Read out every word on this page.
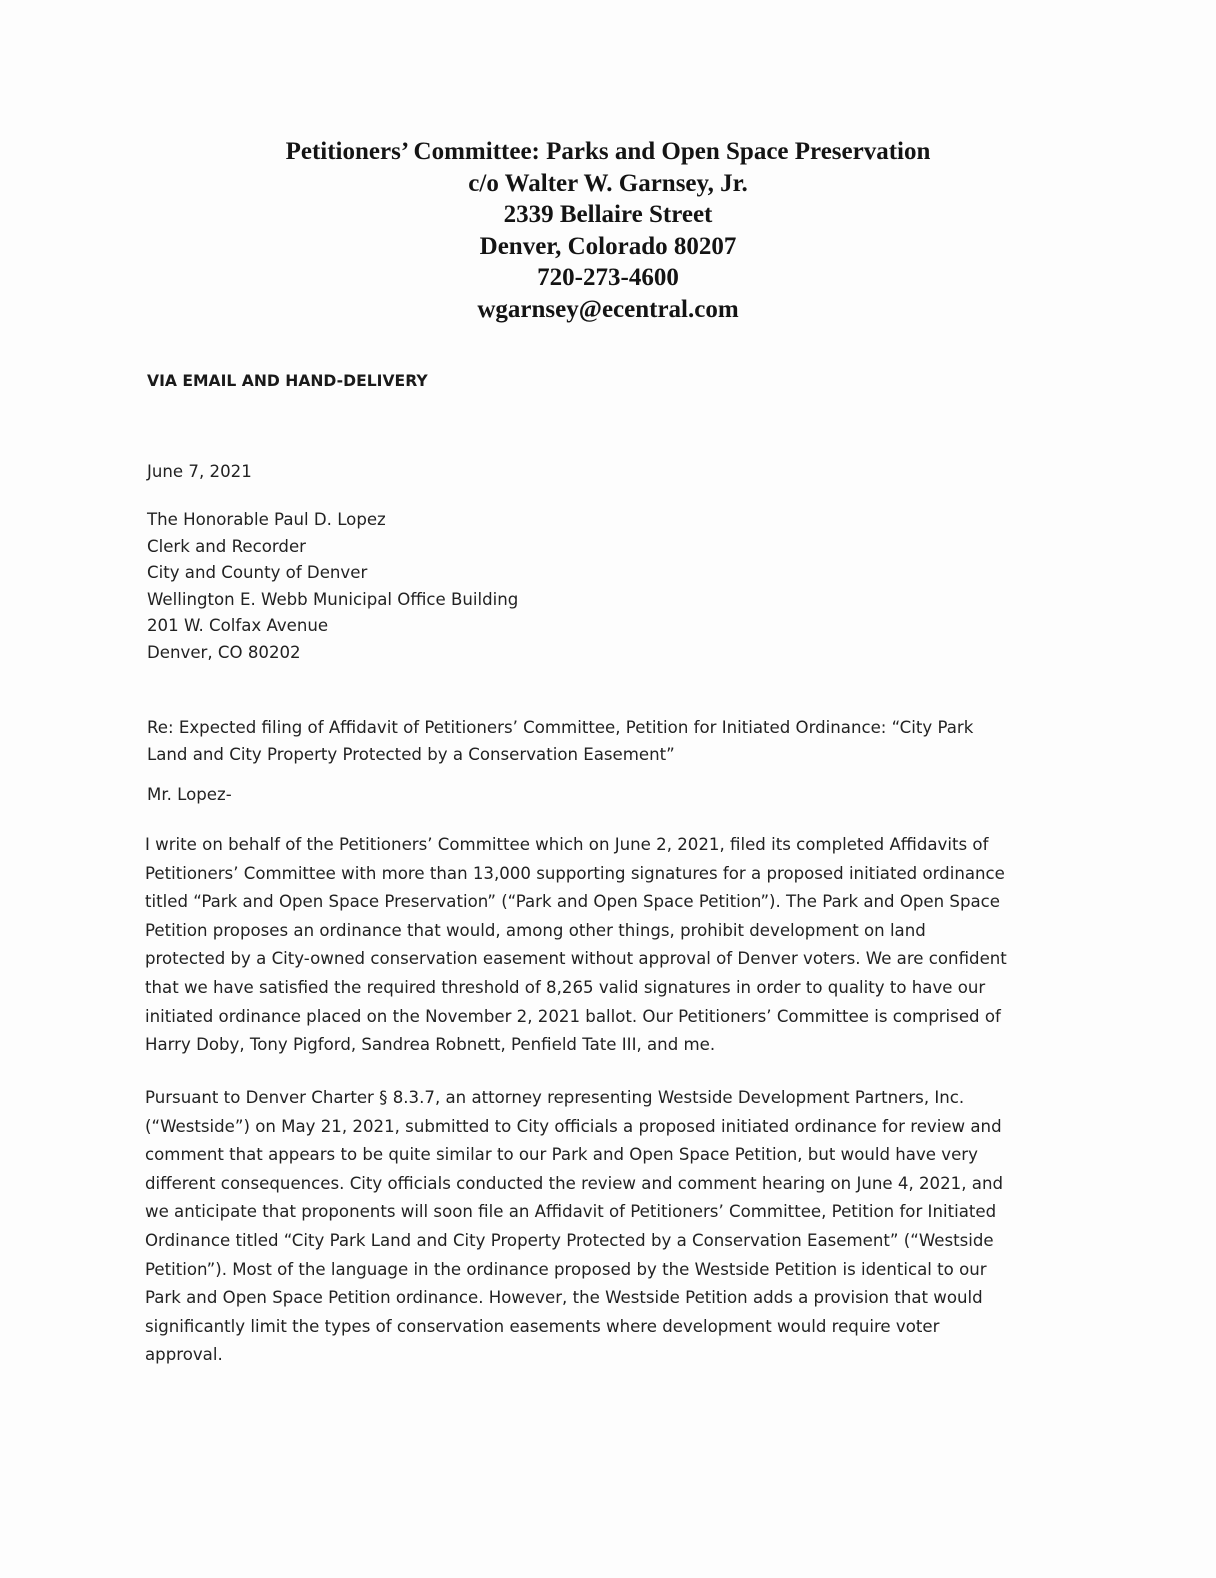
Petitioners’ Committee: Parks and Open Space Preservation
c/o Walter W. Garnsey, Jr.
2339 Bellaire Street
Denver, Colorado 80207
720-273-4600
wgarnsey@ecentral.com
VIA EMAIL AND HAND-DELIVERY
June 7, 2021
The Honorable Paul D. Lopez
Clerk and Recorder
City and County of Denver
Wellington E. Webb Municipal Office Building
201 W. Colfax Avenue
Denver, CO 80202
Re: Expected filing of Affidavit of Petitioners’ Committee, Petition for Initiated Ordinance: “City Park
Land and City Property Protected by a Conservation Easement”
Mr. Lopez-
I write on behalf of the Petitioners’ Committee which on June 2, 2021, filed its completed Affidavits of
Petitioners’ Committee with more than 13,000 supporting signatures for a proposed initiated ordinance
titled “Park and Open Space Preservation” (“Park and Open Space Petition”). The Park and Open Space
Petition proposes an ordinance that would, among other things, prohibit development on land
protected by a City-owned conservation easement without approval of Denver voters. We are confident
that we have satisfied the required threshold of 8,265 valid signatures in order to quality to have our
initiated ordinance placed on the November 2, 2021 ballot. Our Petitioners’ Committee is comprised of
Harry Doby, Tony Pigford, Sandrea Robnett, Penfield Tate III, and me.
Pursuant to Denver Charter § 8.3.7, an attorney representing Westside Development Partners, Inc.
(“Westside”) on May 21, 2021, submitted to City officials a proposed initiated ordinance for review and
comment that appears to be quite similar to our Park and Open Space Petition, but would have very
different consequences. City officials conducted the review and comment hearing on June 4, 2021, and
we anticipate that proponents will soon file an Affidavit of Petitioners’ Committee, Petition for Initiated
Ordinance titled “City Park Land and City Property Protected by a Conservation Easement” (“Westside
Petition”). Most of the language in the ordinance proposed by the Westside Petition is identical to our
Park and Open Space Petition ordinance. However, the Westside Petition adds a provision that would
significantly limit the types of conservation easements where development would require voter
approval.
